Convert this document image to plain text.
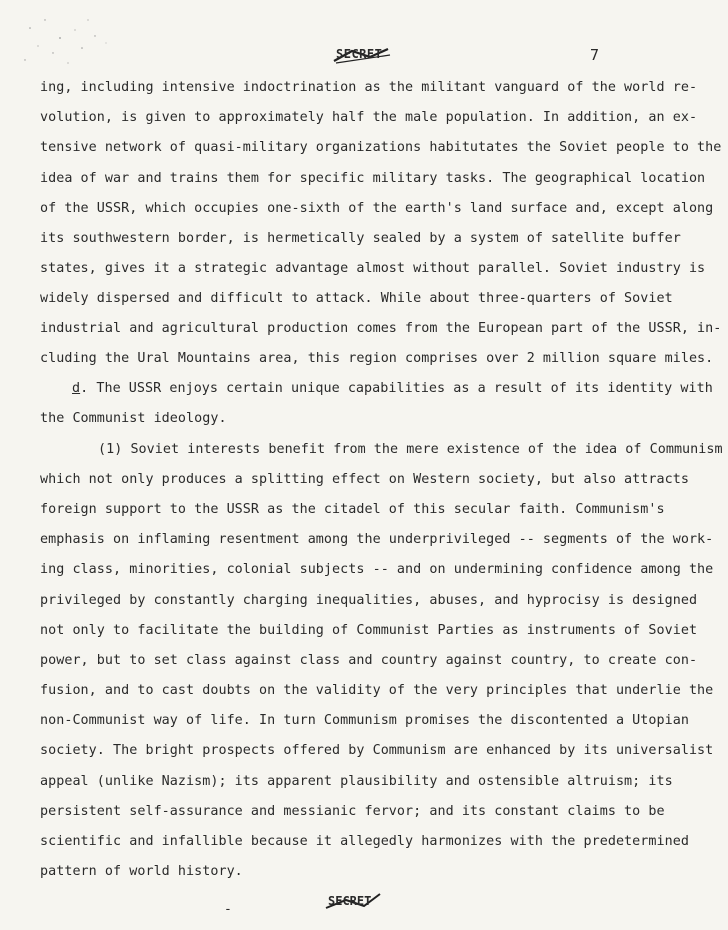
SECRET	7
ing, including intensive indoctrination as the militant vanguard of the world re-
volution, is given to approximately half the male population. In addition, an ex-
tensive network of quasi-military organizations habitutates the Soviet people to the
idea of war and trains them for specific military tasks. The geographical location
of the USSR, which occupies one-sixth of the earth's land surface and, except along
its southwestern border, is hermetically sealed by a system of satellite buffer
states, gives it a strategic advantage almost without parallel. Soviet industry is
widely dispersed and difficult to attack. While about three-quarters of Soviet
industrial and agricultural production comes from the European part of the USSR, in-
cluding the Ural Mountains area, this region comprises over 2 million square miles.
d. The USSR enjoys certain unique capabilities as a result of its identity with
the Communist ideology.
(1) Soviet interests benefit from the mere existence of the idea of Communism
which not only produces a splitting effect on Western society, but also attracts
foreign support to the USSR as the citadel of this secular faith. Communism's
emphasis on inflaming resentment among the underprivileged -- segments of the work-
ing class, minorities, colonial subjects -- and on undermining confidence among the
privileged by constantly charging inequalities, abuses, and hyprocisy is designed
not only to facilitate the building of Communist Parties as instruments of Soviet
power, but to set class against class and country against country, to create con-
fusion, and to cast doubts on the validity of the very principles that underlie the
non-Communist way of life. In turn Communism promises the discontented a Utopian
society. The bright prospects offered by Communism are enhanced by its universalist
appeal (unlike Nazism); its apparent plausibility and ostensible altruism; its
persistent self-assurance and messianic fervor; and its constant claims to be
scientific and infallible because it allegedly harmonizes with the predetermined
pattern of world history.
-
SECRET
